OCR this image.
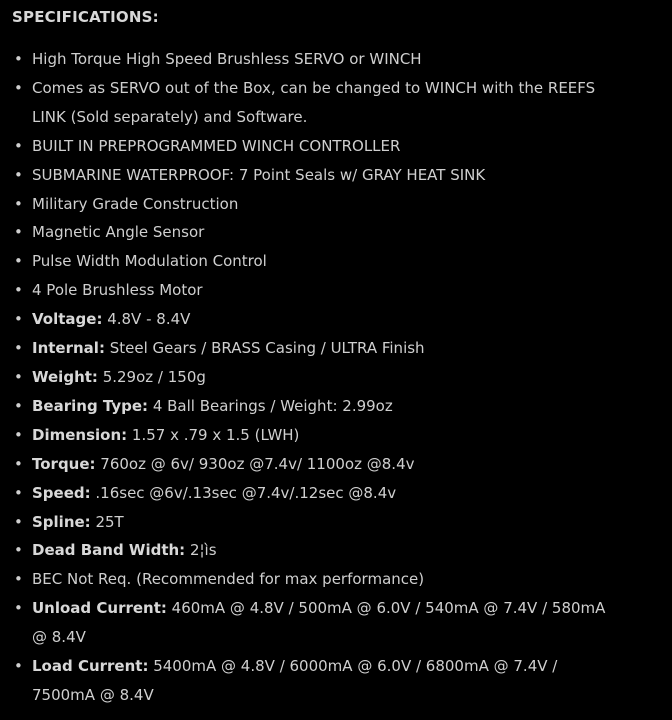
SPECIFICATIONS:
• High Torque High Speed Brushless SERVO or WINCH
• Comes as SERVO out of the Box, can be changed to WINCH with the REEFS LINK (Sold separately) and Software.
• BUILT IN PREPROGRAMMED WINCH CONTROLLER
• SUBMARINE WATERPROOF: 7 Point Seals w/ GRAY HEAT SINK
• Military Grade Construction
• Magnetic Angle Sensor
• Pulse Width Modulation Control
• 4 Pole Brushless Motor
• Voltage: 4.8V - 8.4V
• Internal: Steel Gears / BRASS Casing / ULTRA Finish
• Weight: 5.29oz / 150g
• Bearing Type: 4 Ball Bearings / Weight: 2.99oz
• Dimension: 1.57 x .79 x 1.5 (LWH)
• Torque: 760oz @ 6v/ 930oz @7.4v/ 1100oz @8.4v
• Speed: .16sec @6v/.13sec @7.4v/.12sec @8.4v
• Spline: 25T
• Dead Band Width: 2¦ìs
• BEC Not Req. (Recommended for max performance)
• Unload Current: 460mA @ 4.8V / 500mA @ 6.0V / 540mA @ 7.4V / 580mA @ 8.4V
• Load Current: 5400mA @ 4.8V / 6000mA @ 6.0V / 6800mA @ 7.4V / 7500mA @ 8.4V
